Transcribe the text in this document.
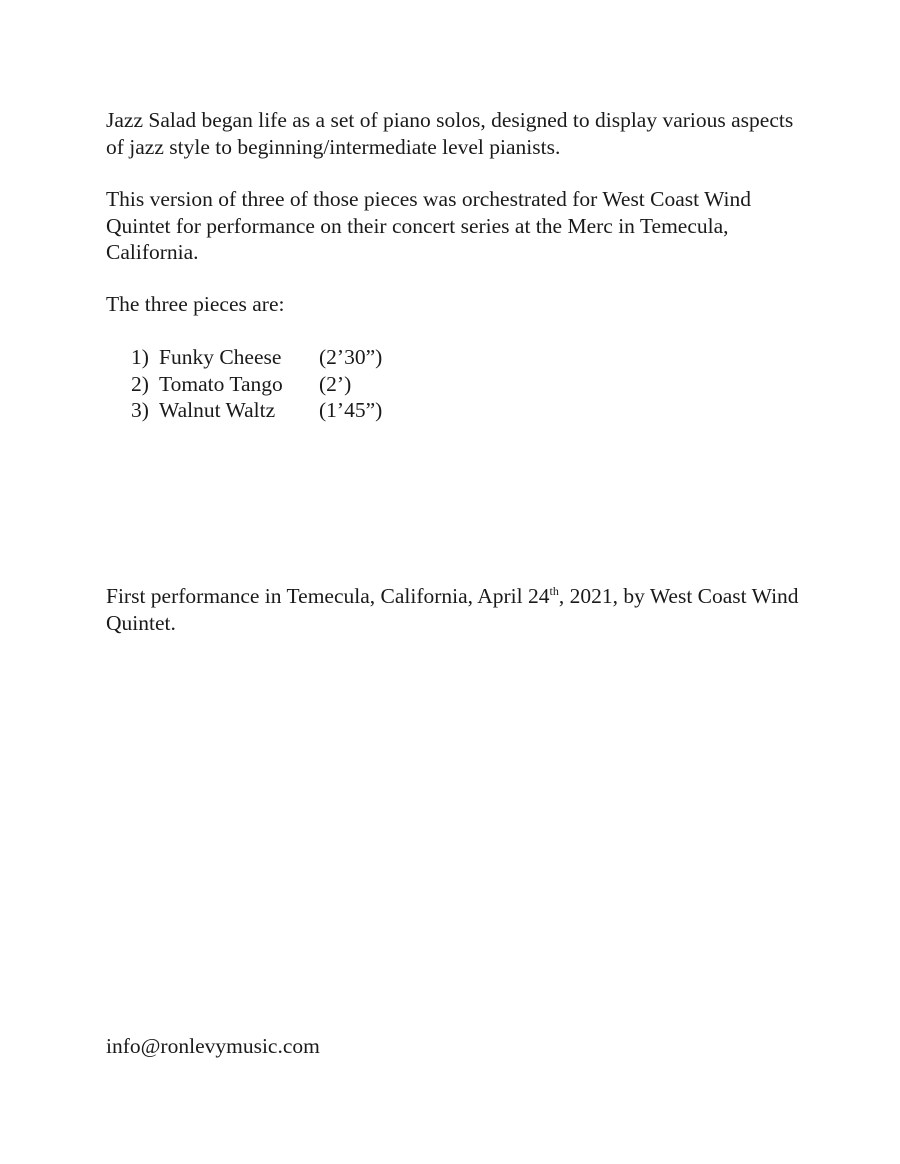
Jazz Salad began life as a set of piano solos, designed to display various aspects of jazz style to beginning/intermediate level pianists.

This version of three of those pieces was orchestrated for West Coast Wind Quintet for performance on their concert series at the Merc in Temecula, California.

The three pieces are:

1) Funky Cheese (2’30”)
2) Tomato Tango (2’)
3) Walnut Waltz (1’45”)

First performance in Temecula, California, April 24th, 2021, by West Coast Wind Quintet.

info@ronlevymusic.com
